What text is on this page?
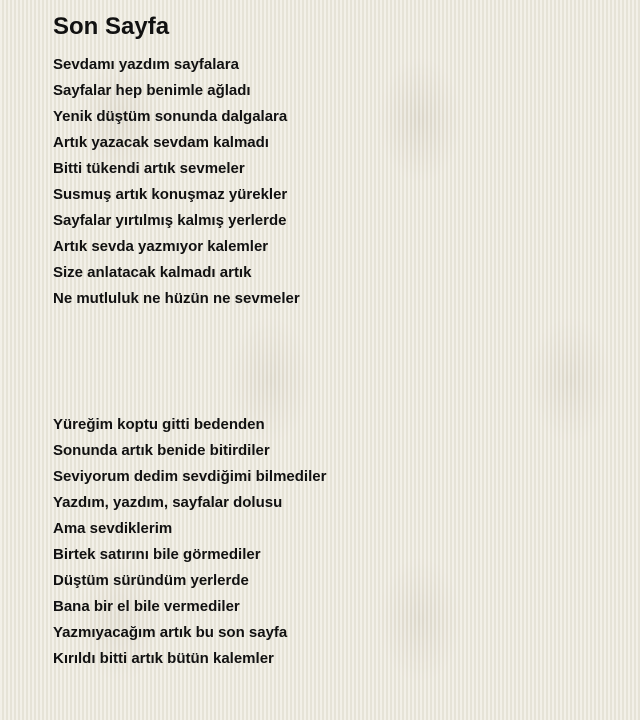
Son Sayfa
Sevdamı yazdım sayfalara
Sayfalar hep benimle ağladı
Yenik düştüm sonunda dalgalara
Artık yazacak sevdam kalmadı
Bitti tükendi artık sevmeler
Susmuş artık konuşmaz yürekler
Sayfalar yırtılmış kalmış yerlerde
Artık sevda yazmıyor kalemler
Size anlatacak kalmadı artık
Ne mutluluk ne hüzün ne sevmeler
Yüreğim koptu gitti bedenden
Sonunda artık benide bitirdiler
Seviyorum dedim sevdiğimi bilmediler
Yazdım, yazdım, sayfalar dolusu
Ama sevdiklerim
Birtek satırını bile görmediler
Düştüm süründüm yerlerde
Bana bir el bile vermediler
Yazmıyacağım artık bu son sayfa
Kırıldı bitti artık bütün kalemler
